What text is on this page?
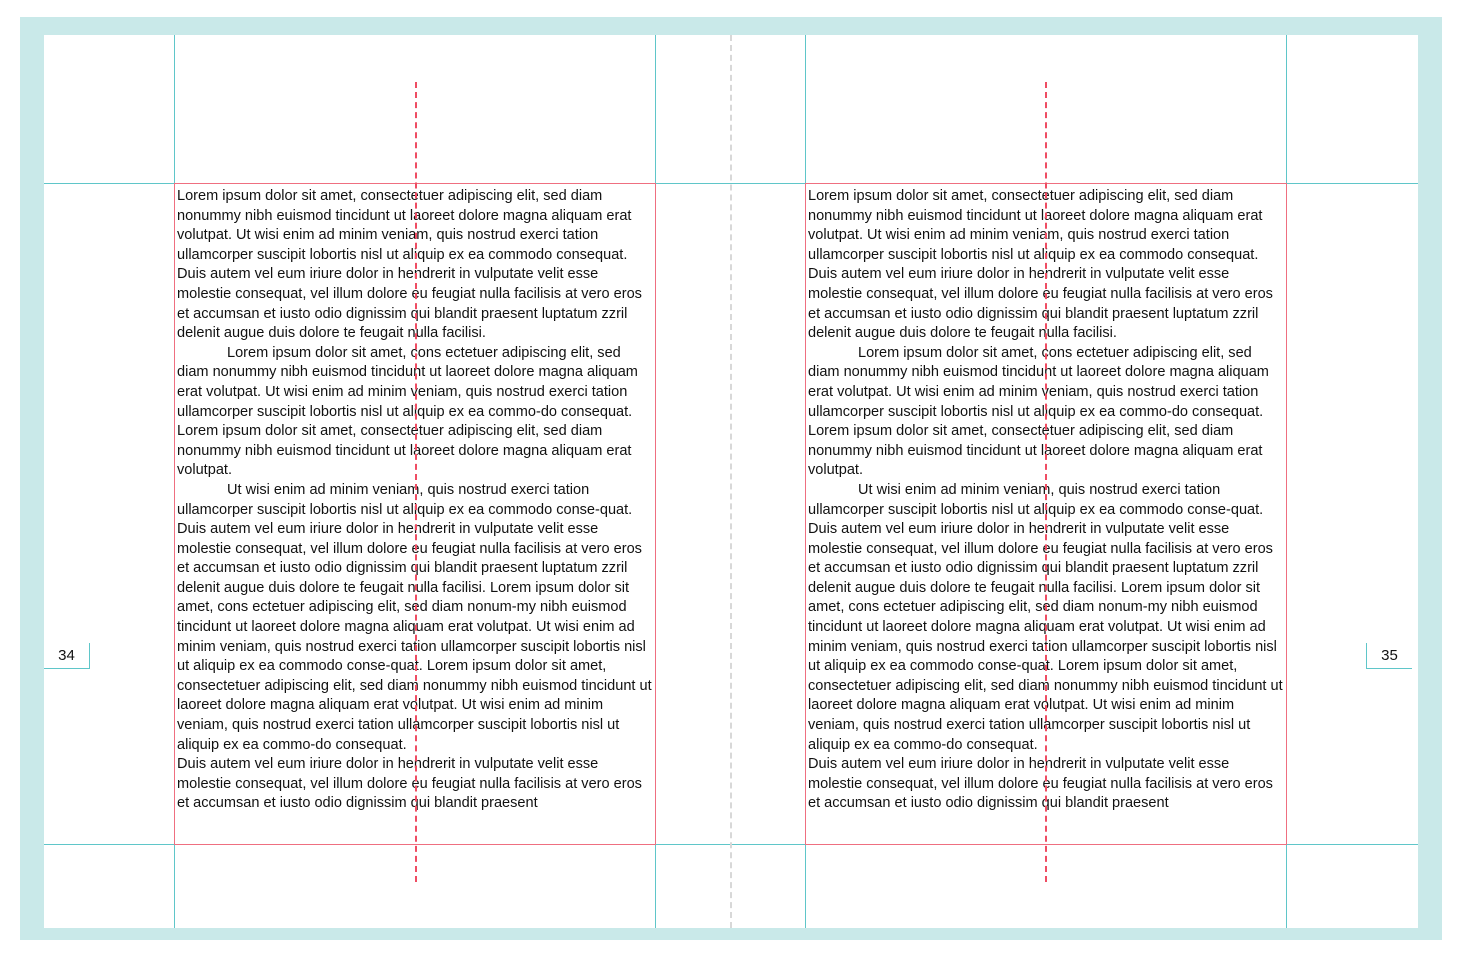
34	35

Lorem ipsum dolor sit amet, consectetuer adipiscing elit, sed diam nonummy nibh euismod tincidunt ut laoreet dolore magna aliquam erat volutpat. Ut wisi enim ad minim veniam, quis nostrud exerci tation ullamcorper suscipit lobortis nisl ut aliquip ex ea commodo consequat. Duis autem vel eum iriure dolor in hendrerit in vulputate velit esse molestie consequat, vel illum dolore eu feugiat nulla facilisis at vero eros et accumsan et iusto odio dignissim qui blandit praesent luptatum zzril delenit augue duis dolore te feugait nulla facilisi.

Lorem ipsum dolor sit amet, cons ectetuer adipiscing elit, sed diam nonummy nibh euismod tincidunt ut laoreet dolore magna aliquam erat volutpat. Ut wisi enim ad minim veniam, quis nostrud exerci tation ullamcorper suscipit lobortis nisl ut aliquip ex ea commo-do consequat. Lorem ipsum dolor sit amet, consectetuer adipiscing elit, sed diam nonummy nibh euismod tincidunt ut laoreet dolore magna aliquam erat volutpat.

Ut wisi enim ad minim veniam, quis nostrud exerci tation ullamcorper suscipit lobortis nisl ut aliquip ex ea commodo conse-quat. Duis autem vel eum iriure dolor in hendrerit in vulputate velit esse molestie consequat, vel illum dolore eu feugiat nulla facilisis at vero eros et accumsan et iusto odio dignissim qui blandit praesent luptatum zzril delenit augue duis dolore te feugait nulla facilisi. Lorem ipsum dolor sit amet, cons ectetuer adipiscing elit, sed diam nonum-my nibh euismod tincidunt ut laoreet dolore magna aliquam erat volutpat. Ut wisi enim ad minim veniam, quis nostrud exerci tation ullamcorper suscipit lobortis nisl ut aliquip ex ea commodo conse-quat. Lorem ipsum dolor sit amet, consectetuer adipiscing elit, sed diam nonummy nibh euismod tincidunt ut laoreet dolore magna aliquam erat volutpat. Ut wisi enim ad minim veniam, quis nostrud exerci tation ullamcorper suscipit lobortis nisl ut aliquip ex ea commo-do consequat.

Duis autem vel eum iriure dolor in hendrerit in vulputate velit esse molestie consequat, vel illum dolore eu feugiat nulla facilisis at vero eros et accumsan et iusto odio dignissim qui blandit praesent

Lorem ipsum dolor sit amet, consectetuer adipiscing elit, sed diam nonummy nibh euismod tincidunt ut laoreet dolore magna aliquam erat volutpat. Ut wisi enim ad minim veniam, quis nostrud exerci tation ullamcorper suscipit lobortis nisl ut aliquip ex ea commodo consequat. Duis autem vel eum iriure dolor in hendrerit in vulputate velit esse molestie consequat, vel illum dolore eu feugiat nulla facilisis at vero eros et accumsan et iusto odio dignissim qui blandit praesent luptatum zzril delenit augue duis dolore te feugait nulla facilisi.

Lorem ipsum dolor sit amet, cons ectetuer adipiscing elit, sed diam nonummy nibh euismod tincidunt ut laoreet dolore magna aliquam erat volutpat. Ut wisi enim ad minim veniam, quis nostrud exerci tation ullamcorper suscipit lobortis nisl ut aliquip ex ea commo-do consequat. Lorem ipsum dolor sit amet, consectetuer adipiscing elit, sed diam nonummy nibh euismod tincidunt ut laoreet dolore magna aliquam erat volutpat.

Ut wisi enim ad minim veniam, quis nostrud exerci tation ullamcorper suscipit lobortis nisl ut aliquip ex ea commodo conse-quat. Duis autem vel eum iriure dolor in hendrerit in vulputate velit esse molestie consequat, vel illum dolore eu feugiat nulla facilisis at vero eros et accumsan et iusto odio dignissim qui blandit praesent luptatum zzril delenit augue duis dolore te feugait nulla facilisi. Lorem ipsum dolor sit amet, cons ectetuer adipiscing elit, sed diam nonum-my nibh euismod tincidunt ut laoreet dolore magna aliquam erat volutpat. Ut wisi enim ad minim veniam, quis nostrud exerci tation ullamcorper suscipit lobortis nisl ut aliquip ex ea commodo conse-quat. Lorem ipsum dolor sit amet, consectetuer adipiscing elit, sed diam nonummy nibh euismod tincidunt ut laoreet dolore magna aliquam erat volutpat. Ut wisi enim ad minim veniam, quis nostrud exerci tation ullamcorper suscipit lobortis nisl ut aliquip ex ea commo-do consequat.

Duis autem vel eum iriure dolor in hendrerit in vulputate velit esse molestie consequat, vel illum dolore eu feugiat nulla facilisis at vero eros et accumsan et iusto odio dignissim qui blandit praesent
